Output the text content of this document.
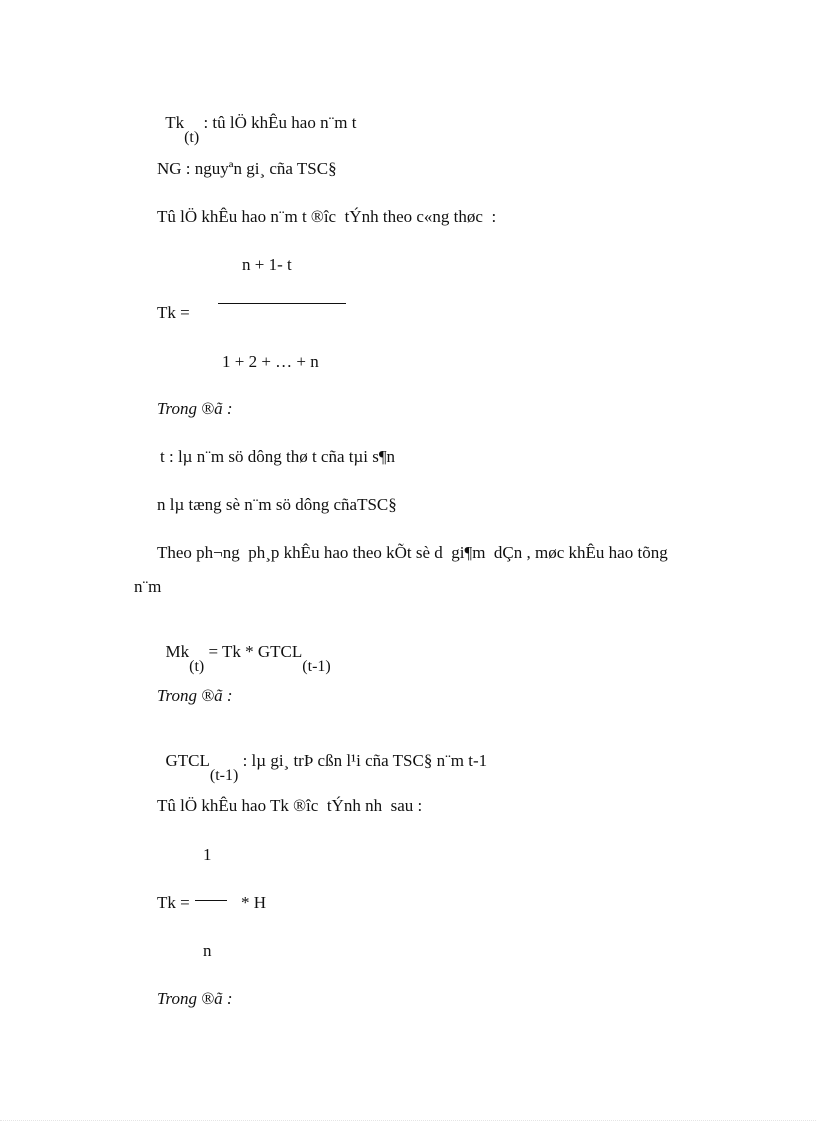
Tk(t) : tû lÖ khÊu hao n¨m t

NG : nguyªn gi¸ cña TSC§
Tû lÖ khÊu hao n¨m t ®îc  tÝnh theo c«ng thøc  :
n + 1- t
Tk =
1 + 2 + … + n
Trong ®ã :
t : lµ n¨m sö dông thø t cña tµi s¶n
n lµ tæng sè n¨m sö dông cñaTSC§
Theo ph¬ng  ph¸p khÊu hao theo kÕt sè d  gi¶m  dÇn , møc khÊu hao tõng
n¨m

Mk(t) = Tk * GTCL(t-1)

Trong ®ã :

GTCL(t-1) : lµ gi¸ trÞ cßn l¹i cña TSC§ n¨m t-1

Tû lÖ khÊu hao Tk ®îc  tÝnh nh  sau :
1
Tk =	* H
n
Trong ®ã :
